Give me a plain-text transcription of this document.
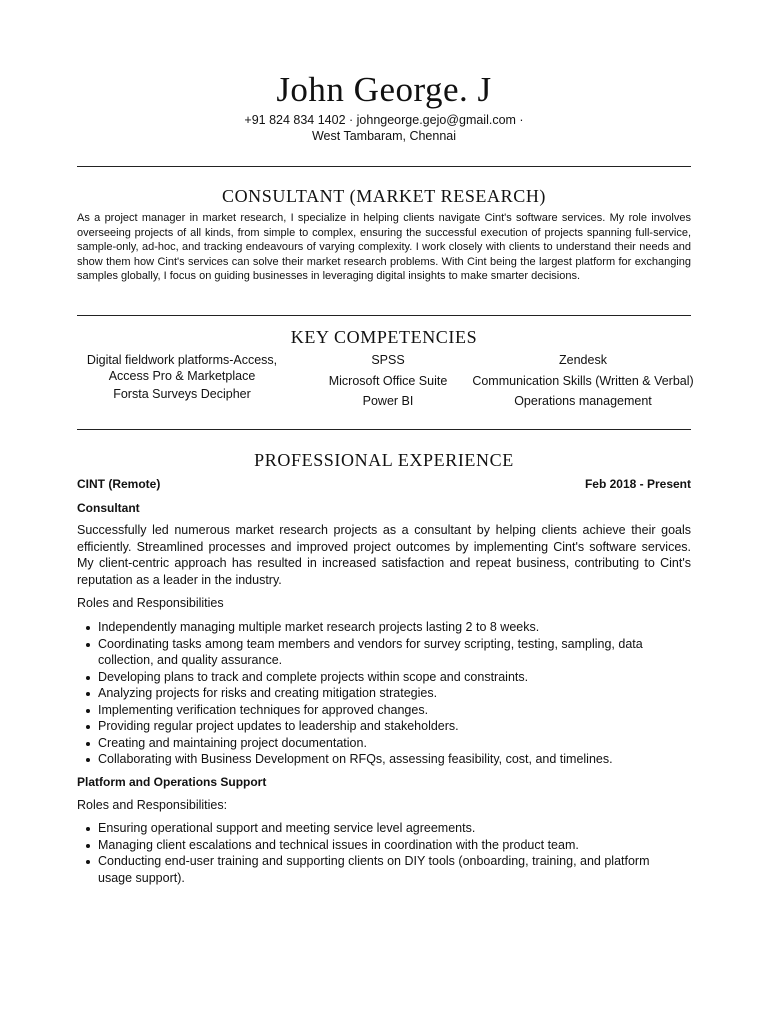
John George. J
+91 824 834 1402 · johngeorge.gejo@gmail.com ·
West Tambaram, Chennai
CONSULTANT (MARKET RESEARCH)

As a project manager in market research, I specialize in helping clients navigate Cint's software services. My role involves overseeing projects of all kinds, from simple to complex, ensuring the successful execution of projects spanning full-service, sample-only, ad-hoc, and tracking endeavours of varying complexity. I work closely with clients to understand their needs and show them how Cint's services can solve their market research problems. With Cint being the largest platform for exchanging samples globally, I focus on guiding businesses in leveraging digital insights to make smarter decisions.

KEY COMPETENCIES
Digital fieldwork platforms-Access,
Access Pro & Marketplace
Forsta Surveys Decipher
SPSS
Microsoft Office Suite
Power BI
Zendesk
Communication Skills (Written & Verbal)
Operations management
PROFESSIONAL EXPERIENCE
CINT (Remote)	Feb 2018 - Present
Consultant

Successfully led numerous market research projects as a consultant by helping clients achieve their goals efficiently. Streamlined processes and improved project outcomes by implementing Cint's software services. My client-centric approach has resulted in increased satisfaction and repeat business, contributing to Cint's reputation as a leader in the industry.

Roles and Responsibilities
Independently managing multiple market research projects lasting 2 to 8 weeks.
Coordinating tasks among team members and vendors for survey scripting, testing, sampling, data collection, and quality assurance.
Developing plans to track and complete projects within scope and constraints.
Analyzing projects for risks and creating mitigation strategies.
Implementing verification techniques for approved changes.
Providing regular project updates to leadership and stakeholders.
Creating and maintaining project documentation.
Collaborating with Business Development on RFQs, assessing feasibility, cost, and timelines.
Platform and Operations Support
Roles and Responsibilities:
Ensuring operational support and meeting service level agreements.
Managing client escalations and technical issues in coordination with the product team.
Conducting end-user training and supporting clients on DIY tools (onboarding, training, and platform usage support).
